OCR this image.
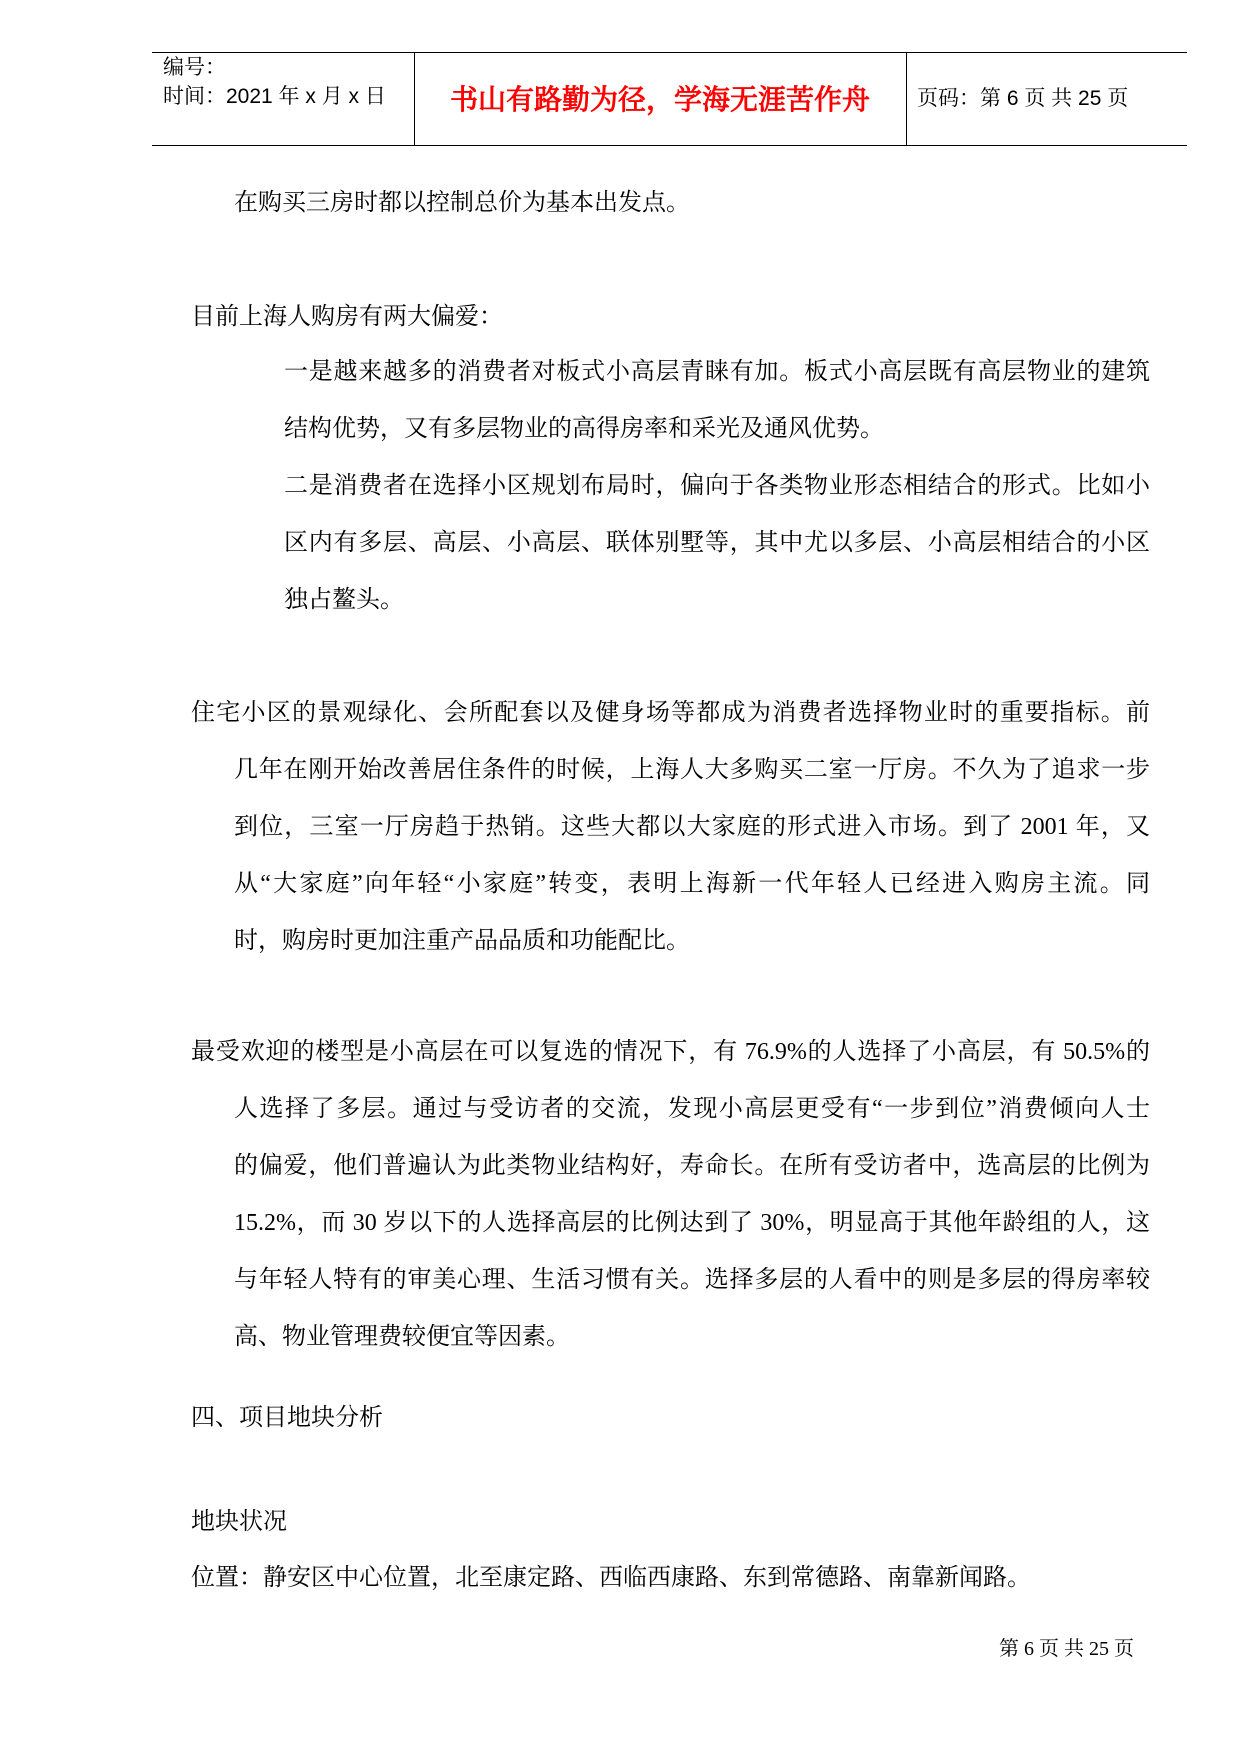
编号：
时间：2021 年 x 月 x 日	书山有路勤为径，学海无涯苦作舟	页码：第 6 页 共 25 页
在购买三房时都以控制总价为基本出发点。
目前上海人购房有两大偏爱：
一是越来越多的消费者对板式小高层青睐有加。板式小高层既有高层物业的建筑
结构优势，又有多层物业的高得房率和采光及通风优势。
二是消费者在选择小区规划布局时，偏向于各类物业形态相结合的形式。比如小
区内有多层、高层、小高层、联体别墅等，其中尤以多层、小高层相结合的小区
独占鳌头。
住宅小区的景观绿化、会所配套以及健身场等都成为消费者选择物业时的重要指标。前
几年在刚开始改善居住条件的时候，上海人大多购买二室一厅房。不久为了追求一步
到位，三室一厅房趋于热销。这些大都以大家庭的形式进入市场。到了 2001 年，又
从“大家庭”向年轻“小家庭”转变，表明上海新一代年轻人已经进入购房主流。同
时，购房时更加注重产品品质和功能配比。
最受欢迎的楼型是小高层在可以复选的情况下，有 76.9%的人选择了小高层，有 50.5%的
人选择了多层。通过与受访者的交流，发现小高层更受有“一步到位”消费倾向人士
的偏爱，他们普遍认为此类物业结构好，寿命长。在所有受访者中，选高层的比例为
15.2%，而 30 岁以下的人选择高层的比例达到了 30%，明显高于其他年龄组的人，这
与年轻人特有的审美心理、生活习惯有关。选择多层的人看中的则是多层的得房率较
高、物业管理费较便宜等因素。
四、项目地块分析
地块状况
位置：静安区中心位置，北至康定路、西临西康路、东到常德路、南靠新闻路。
第 6 页 共 25 页
